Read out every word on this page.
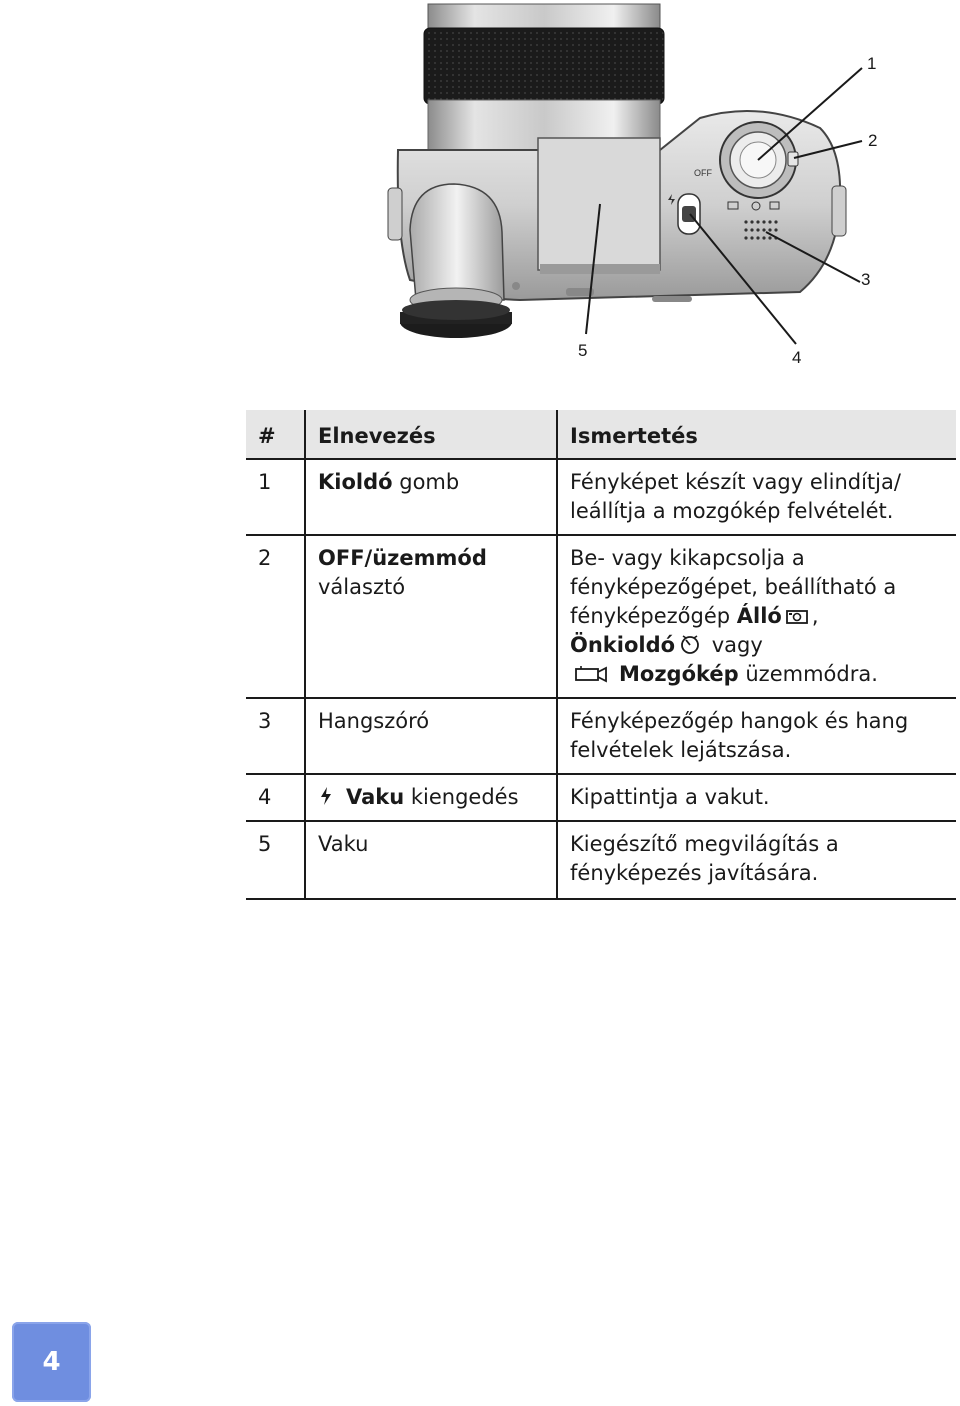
OFF
1
2
3
4
5
#	Elnevezés	Ismertetés
1	Kioldó gomb	Fényképet készít vagy elindítja/
leállítja a mozgókép felvételét.

2	OFF/üzemmód
választó	Be- vagy kikapcsolja a
fényképezőgépet, beállítható a
fényképezőgép Álló ,
Önkioldó vagy
Mozgókép üzemmódra.

3	Hangszóró	Fényképezőgép hangok és hang
felvételek lejátszása.

4	Vaku kiengedés	Kipattintja a vakut.
5	Vaku	Kiegészítő megvilágítás a
fényképezés javítására.
4
